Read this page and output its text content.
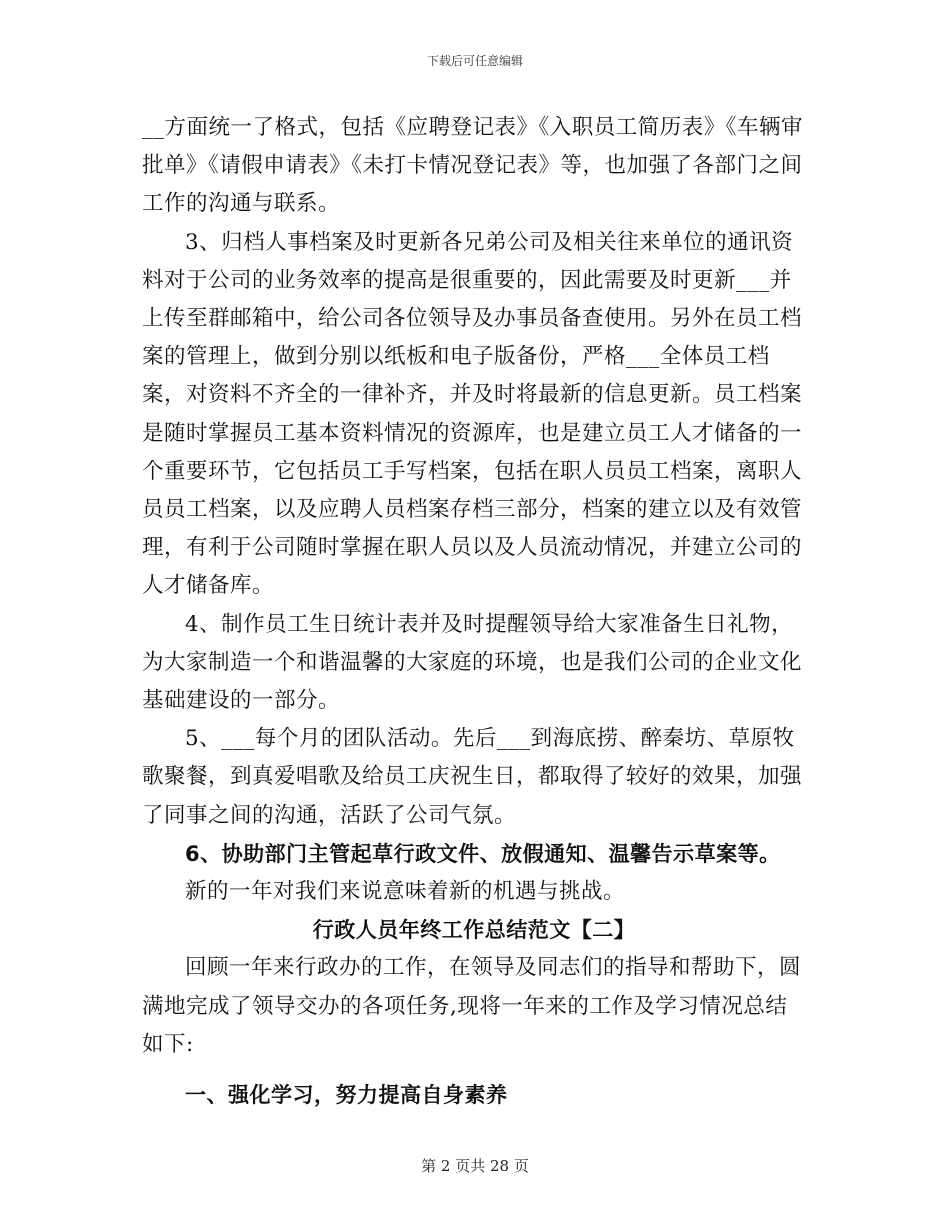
下载后可任意编辑

__方面统一了格式，包括《应聘登记表》《入职员工简历表》《车辆审批单》《请假申请表》《未打卡情况登记表》等，也加强了各部门之间工作的沟通与联系。

3、归档人事档案及时更新各兄弟公司及相关往来单位的通讯资料对于公司的业务效率的提高是很重要的，因此需要及时更新___并上传至群邮箱中，给公司各位领导及办事员备查使用。另外在员工档案的管理上，做到分别以纸板和电子版备份，严格___全体员工档案，对资料不齐全的一律补齐，并及时将最新的信息更新。员工档案是随时掌握员工基本资料情况的资源库，也是建立员工人才储备的一个重要环节，它包括员工手写档案，包括在职人员员工档案，离职人员员工档案，以及应聘人员档案存档三部分，档案的建立以及有效管理，有利于公司随时掌握在职人员以及人员流动情况，并建立公司的人才储备库。

4、制作员工生日统计表并及时提醒领导给大家准备生日礼物，为大家制造一个和谐温馨的大家庭的环境，也是我们公司的企业文化基础建设的一部分。

5、___每个月的团队活动。先后___到海底捞、醉秦坊、草原牧歌聚餐，到真爱唱歌及给员工庆祝生日，都取得了较好的效果，加强了同事之间的沟通，活跃了公司气氛。

6、协助部门主管起草行政文件、放假通知、温馨告示草案等。

新的一年对我们来说意味着新的机遇与挑战。

行政人员年终工作总结范文【二】

回顾一年来行政办的工作，在领导及同志们的指导和帮助下，圆满地完成了领导交办的各项任务,现将一年来的工作及学习情况总结如下:

一、强化学习，努力提高自身素养

第 2 页共 28 页
